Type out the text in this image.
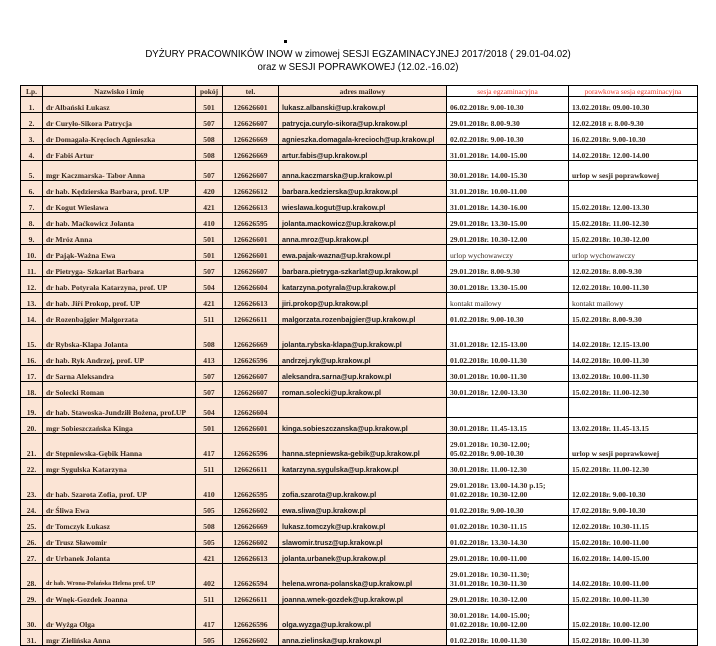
DYŻURY PRACOWNIKÓW INOW w zimowej SESJI EGZAMINACYJNEJ 2017/2018 ( 29.01-04.02)
oraz w SESJI POPRAWKOWEJ (12.02.-16.02)
Lp.	Nazwisko i imię	pokój	tel.	adres mailowy	sesja egzaminacyjna	porawkowa sesja egzaminacyjna
1.	dr Albański Łukasz	501	126626601	lukasz.albanski@up.krakow.pl	06.02.2018r. 9.00-10.30	13.02.2018r. 09.00-10.30
2.	dr Curyło-Sikora Patrycja	507	126626607	patrycja.curylo-sikora@up.krakow.pl	29.01.2018r. 8.00-9.30	12.02.2018 r. 8.00-9.30
3.	dr Domagała-Kręcioch Agnieszka	508	126626669	agnieszka.domagala-krecioch@up.krakow.pl	02.02.2018r. 9.00-10.30	16.02.2018r. 9.00-10.30
4.	dr Fabiś Artur	508	126626669	artur.fabis@up.krakow.pl	31.01.2018r. 14.00-15.00	14.02.2018r. 12.00-14.00
5.	mgr Kaczmarska- Tabor Anna	507	126626607	anna.kaczmarska@up.krakow.pl	30.01.2018r. 14.00-15.30	urlop w sesji poprawkowej
6.	dr hab. Kędzierska Barbara, prof. UP	420	126626612	barbara.kedzierska@up.krakow.pl	31.01.2018r. 10.00-11.00	
7.	dr Kogut Wiesława	421	126626613	wieslawa.kogut@up.krakow.pl	31.01.2018r. 14.30-16.00	15.02.2018r. 12.00-13.30
8.	dr hab. Maćkowicz Jolanta	410	126626595	jolanta.mackowicz@up.krakow.pl	29.01.2018r. 13.30-15.00	15.02.2018r. 11.00-12.30
9.	dr Mróz Anna	501	126626601	anna.mroz@up.krakow.pl	29.01.2018r. 10.30-12.00	15.02.2018r. 10.30-12.00
10.	dr Pająk-Ważna Ewa	501	126626601	ewa.pajak-wazna@up.krakow.pl	urlop wychowawczy	urlop wychowawczy
11.	dr Pietryga- Szkarłat Barbara	507	126626607	barbara.pietryga-szkarlat@up.krakow.pl	29.01.2018r. 8.00-9.30	12.02.2018r. 8.00-9.30
12.	dr hab. Potyrała Katarzyna, prof. UP	504	126626604	katarzyna.potyrala@up.krakow.pl	30.01.2018r. 13.30-15.00	12.02.2018r. 10.00-11.30
13.	dr hab. Jiří Prokop, prof. UP	421	126626613	jiri.prokop@up.krakow.pl	kontakt mailowy	kontakt mailowy
14.	dr Rozenbajgier Małgorzata	511	126626611	malgorzata.rozenbajgier@up.krakow.pl	01.02.2018r. 9.00-10.30	15.02.2018r. 8.00-9.30
15.	dr Rybska-Klapa Jolanta	508	126626669	jolanta.rybska-klapa@up.krakow.pl	31.01.2018r. 12.15-13.00	14.02.2018r. 12.15-13.00
16.	dr hab. Ryk Andrzej, prof. UP	413	126626596	andrzej.ryk@up.krakow.pl	01.02.2018r. 10.00-11.30	14.02.2018r. 10.00-11.30
17.	dr Sarna Aleksandra	507	126626607	aleksandra.sarna@up.krakow.pl	30.01.2018r. 10.00-11.30	13.02.2018r. 10.00-11.30
18.	dr Solecki Roman	507	126626607	roman.solecki@up.krakow.pl	30.01.2018r. 12.00-13.30	15.02.2018r. 11.00-12.30
19.	dr hab. Stawoska-Jundziłł Bożena, prof.UP	504	126626604			
20.	mgr Sobieszczańska Kinga	501	126626601	kinga.sobieszczanska@up.krakow.pl	30.01.2018r. 11.45-13.15	13.02.2018r. 11.45-13.15
21.	dr Stępniewska-Gębik Hanna	417	126626596	hanna.stepniewska-gebik@up.krakow.pl	29.01.2018r. 10.30-12.00; 05.02.2018r. 9.00-10.30	urlop w sesji poprawkowej
22.	mgr Sygulska Katarzyna	511	126626611	katarzyna.sygulska@up.krakow.pl	30.01.2018r. 11.00-12.30	15.02.2018r. 11.00-12.30
23.	dr hab. Szarota Zofia, prof. UP	410	126626595	zofia.szarota@up.krakow.pl	29.01.2018r. 13.00-14.30 p.15; 01.02.2018r. 10.30-12.00	12.02.2018r. 9.00-10.30
24.	dr Śliwa Ewa	505	126626602	ewa.sliwa@up.krakow.pl	01.02.2018r. 9.00-10.30	17.02.2018r. 9.00-10.30
25.	dr Tomczyk Łukasz	508	126626669	lukasz.tomczyk@up.krakow.pl	01.02.2018r. 10.30-11.15	12.02.2018r. 10.30-11.15
26.	dr Trusz Sławomir	505	126626602	slawomir.trusz@up.krakow.pl	01.02.2018r. 13.30-14.30	15.02.2018r. 10.00-11.00
27.	dr Urbanek Jolanta	421	126626613	jolanta.urbanek@up.krakow.pl	29.01.2018r. 10.00-11.00	16.02.2018r. 14.00-15.00
28.	dr hab. Wrona-Polańska Helena prof. UP	402	126626594	helena.wrona-polanska@up.krakow.pl	29.01.2018r. 10.30-11.30; 31.01.2018r. 10.30-11.30	14.02.2018r. 10.00-11.00
29.	dr Wnęk-Gozdek Joanna	511	126626611	joanna.wnek-gozdek@up.krakow.pl	29.01.2018r. 10.30-12.00	15.02.2018r. 10.00-11.30
30.	dr Wyżga Olga	417	126626596	olga.wyzga@up.krakow.pl	30.01.2018r. 14.00-15.00; 01.02.2018r. 10.00-12.00	15.02.2018r. 10.00-12.00
31.	mgr Zielińska Anna	505	126626602	anna.zielinska@up.krakow.pl	01.02.2018r. 10.00-11.30	15.02.2018r. 10.00-11.30
